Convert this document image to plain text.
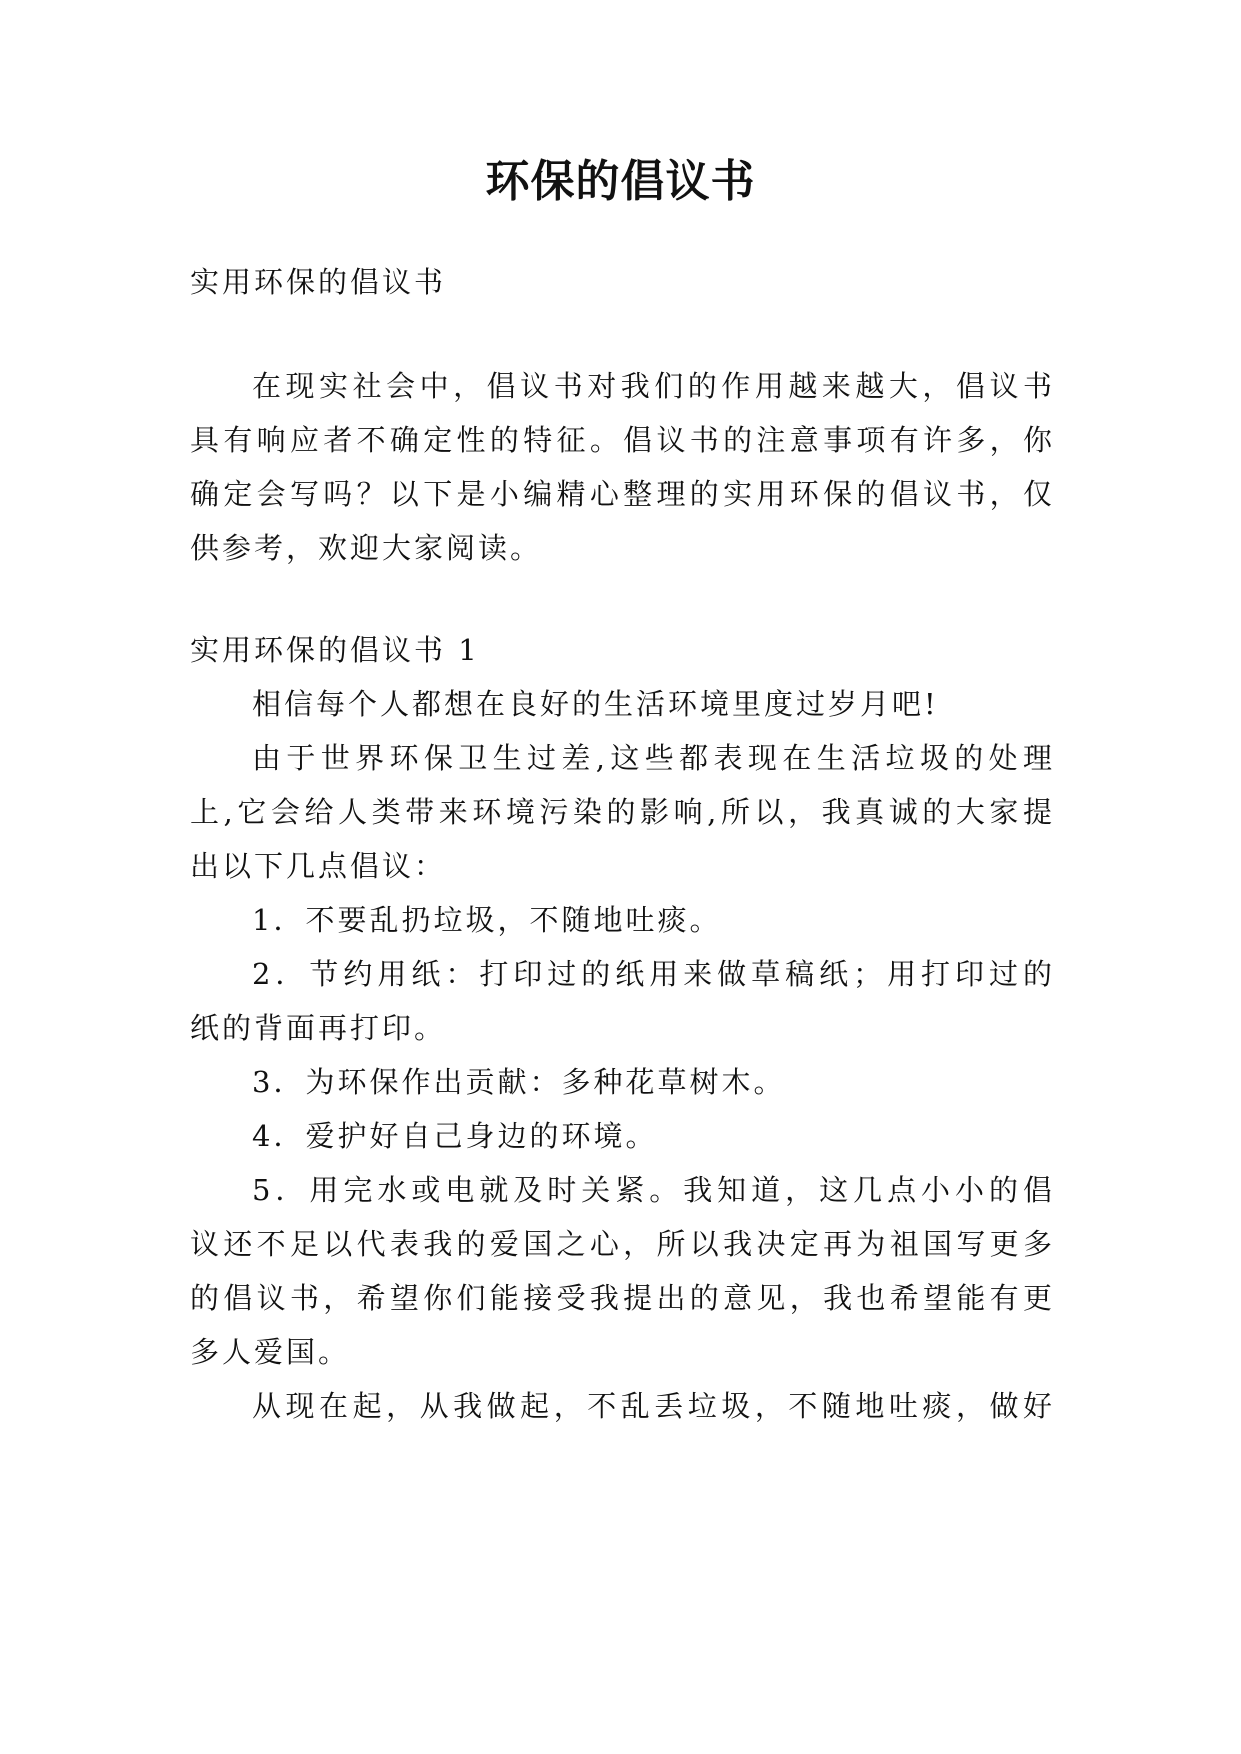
环保的倡议书

实用环保的倡议书

在现实社会中，倡议书对我们的作用越来越大，倡议书

具有响应者不确定性的特征。倡议书的注意事项有许多，你

确定会写吗？以下是小编精心整理的实用环保的倡议书，仅

供参考，欢迎大家阅读。

实用环保的倡议书 1

相信每个人都想在良好的生活环境里度过岁月吧!

由于世界环保卫生过差,这些都表现在生活垃圾的处理

上,它会给人类带来环境污染的影响,所以，我真诚的大家提

出以下几点倡议：

1．不要乱扔垃圾，不随地吐痰。

2．节约用纸：打印过的纸用来做草稿纸；用打印过的

纸的背面再打印。

3．为环保作出贡献：多种花草树木。

4．爱护好自己身边的环境。

5．用完水或电就及时关紧。我知道，这几点小小的倡

议还不足以代表我的爱国之心，所以我决定再为祖国写更多

的倡议书，希望你们能接受我提出的意见，我也希望能有更

多人爱国。

从现在起，从我做起，不乱丢垃圾，不随地吐痰，做好
